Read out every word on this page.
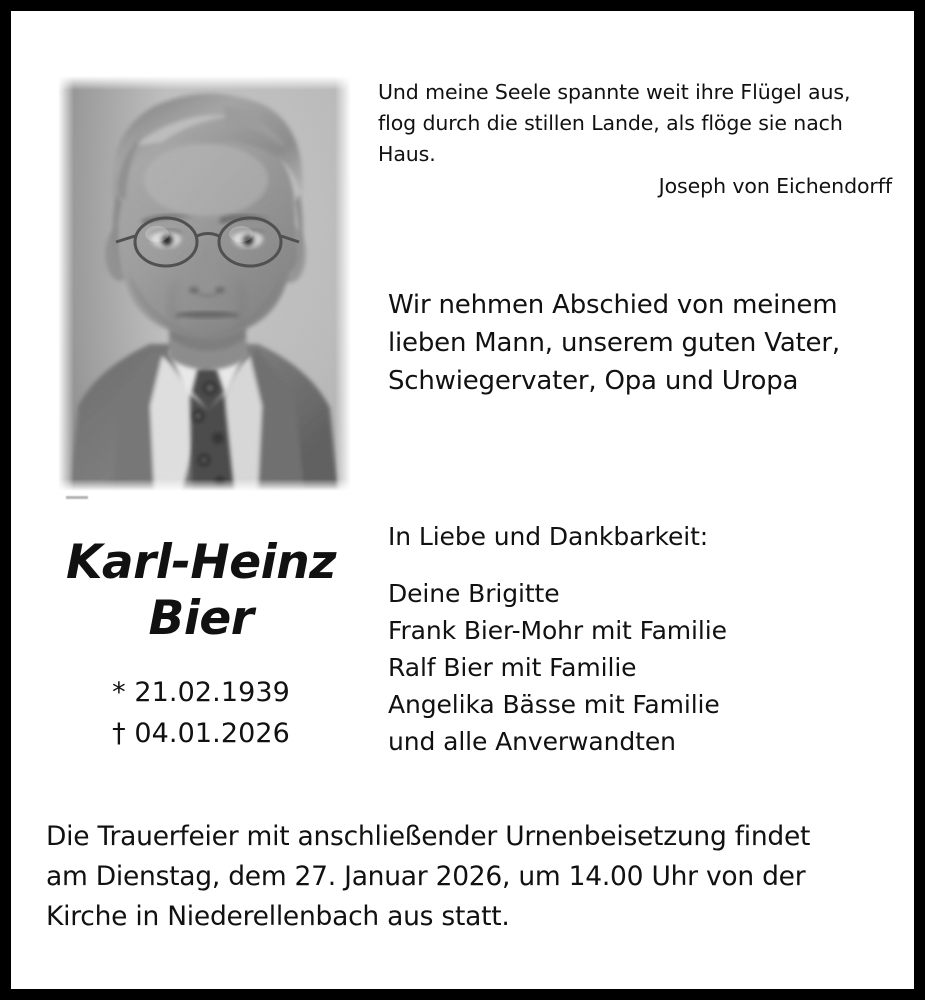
Und meine Seele spannte weit ihre Flügel aus,
flog durch die stillen Lande, als flöge sie nach Haus.
Joseph von Eichendorff
Wir nehmen Abschied von meinem
lieben Mann, unserem guten Vater,
Schwiegervater, Opa und Uropa
Karl-Heinz
Bier
* 21.02.1939
† 04.01.2026
In Liebe und Dankbarkeit:
Deine Brigitte
Frank Bier-Mohr mit Familie
Ralf Bier mit Familie
Angelika Bässe mit Familie
und alle Anverwandten
Die Trauerfeier mit anschließender Urnenbeisetzung findet
am Dienstag, dem 27. Januar 2026, um 14.00 Uhr von der
Kirche in Niederellenbach aus statt.
